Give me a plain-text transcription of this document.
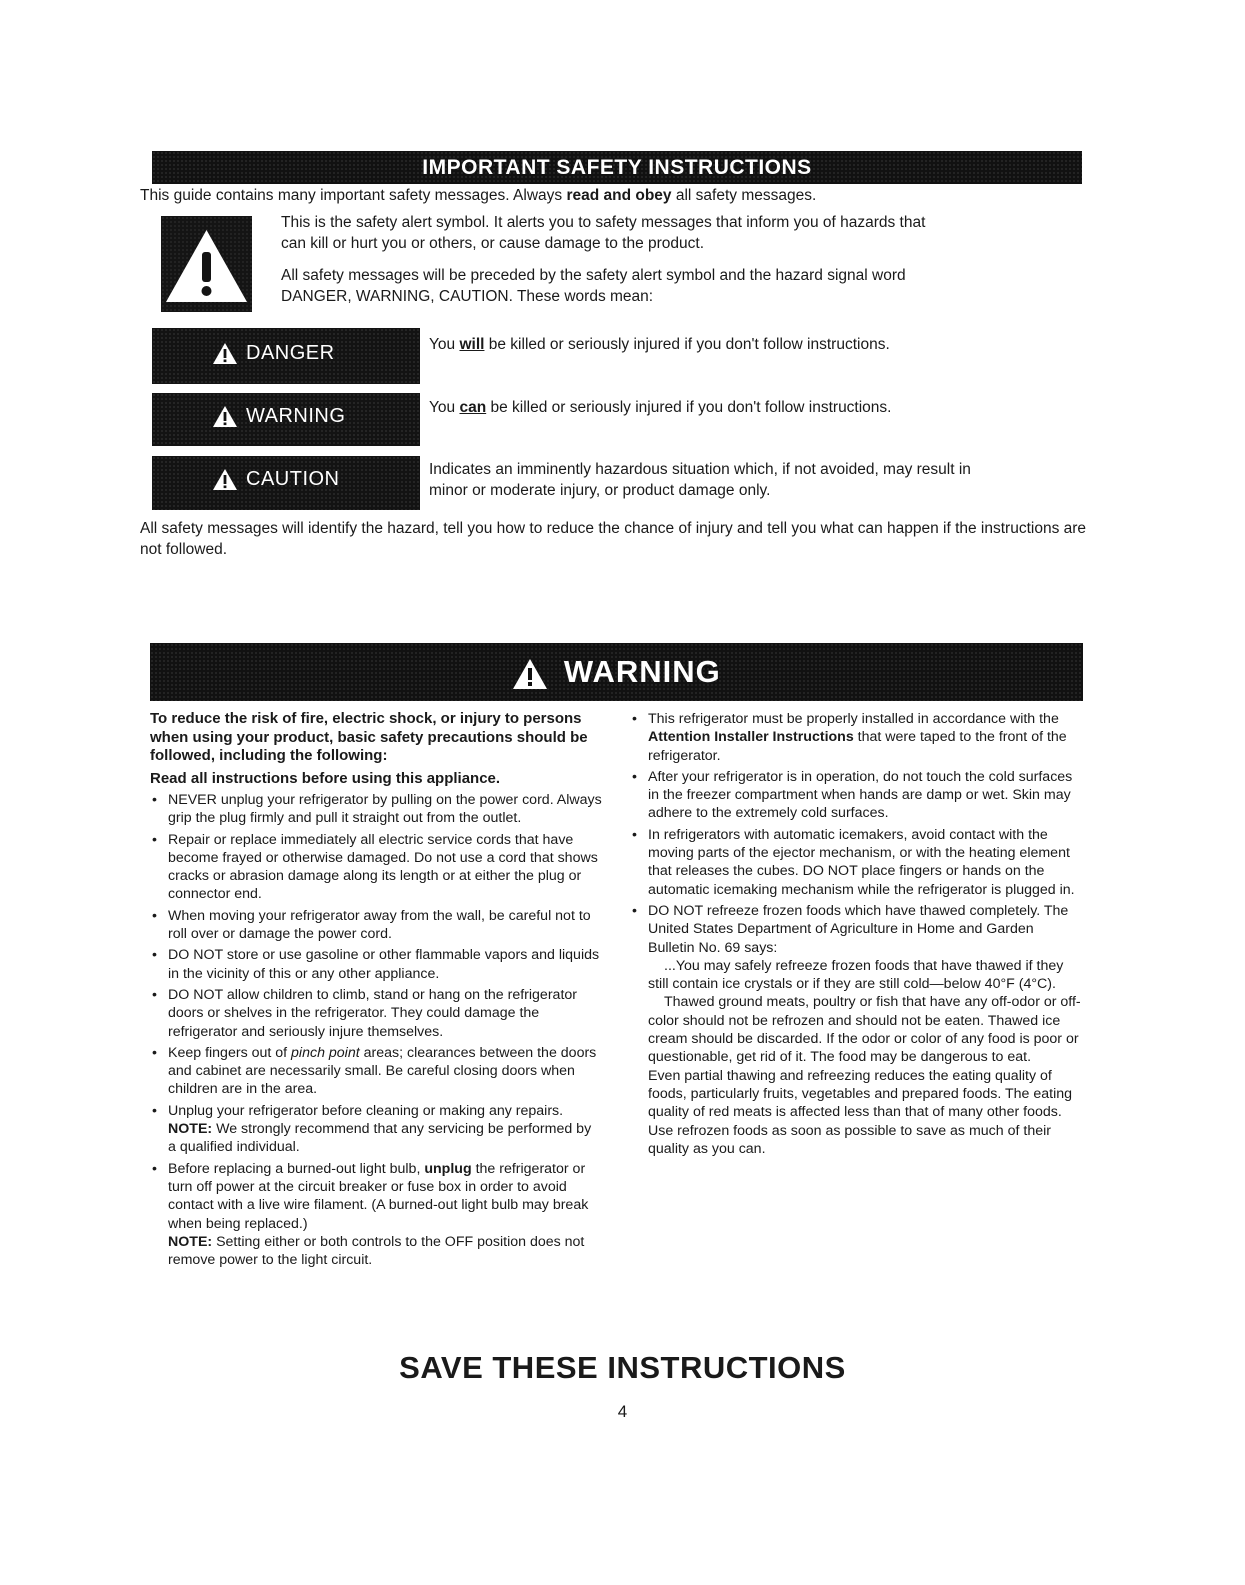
IMPORTANT SAFETY INSTRUCTIONS
This guide contains many important safety messages. Always read and obey all safety messages.
This is the safety alert symbol. It alerts you to safety messages that inform you of hazards that can kill or hurt you or others, or cause damage to the product.
All safety messages will be preceded by the safety alert symbol and the hazard signal word DANGER, WARNING, CAUTION. These words mean:
DANGER	You will be killed or seriously injured if you don't follow instructions.
WARNING	You can be killed or seriously injured if you don't follow instructions.
CAUTION	Indicates an imminently hazardous situation which, if not avoided, may result in minor or moderate injury, or product damage only.
All safety messages will identify the hazard, tell you how to reduce the chance of injury and tell you what can happen if the instructions are not followed.
WARNING

To reduce the risk of fire, electric shock, or injury to persons when using your product, basic safety precautions should be followed, including the following:

Read all instructions before using this appliance.

• NEVER unplug your refrigerator by pulling on the power cord. Always grip the plug firmly and pull it straight out from the outlet.
• Repair or replace immediately all electric service cords that have become frayed or otherwise damaged. Do not use a cord that shows cracks or abrasion damage along its length or at either the plug or connector end.
• When moving your refrigerator away from the wall, be careful not to roll over or damage the power cord.
• DO NOT store or use gasoline or other flammable vapors and liquids in the vicinity of this or any other appliance.
• DO NOT allow children to climb, stand or hang on the refrigerator doors or shelves in the refrigerator. They could damage the refrigerator and seriously injure themselves.
• Keep fingers out of pinch point areas; clearances between the doors and cabinet are necessarily small. Be careful closing doors when children are in the area.
• Unplug your refrigerator before cleaning or making any repairs.
NOTE: We strongly recommend that any servicing be performed by a qualified individual.
• Before replacing a burned-out light bulb, unplug the refrigerator or turn off power at the circuit breaker or fuse box in order to avoid contact with a live wire filament. (A burned-out light bulb may break when being replaced.)
NOTE: Setting either or both controls to the OFF position does not remove power to the light circuit.
• This refrigerator must be properly installed in accordance with the Attention Installer Instructions that were taped to the front of the refrigerator.
• After your refrigerator is in operation, do not touch the cold surfaces in the freezer compartment when hands are damp or wet. Skin may adhere to the extremely cold surfaces.
• In refrigerators with automatic icemakers, avoid contact with the moving parts of the ejector mechanism, or with the heating element that releases the cubes. DO NOT place fingers or hands on the automatic icemaking mechanism while the refrigerator is plugged in.
• DO NOT refreeze frozen foods which have thawed completely. The United States Department of Agriculture in Home and Garden Bulletin No. 69 says:

...You may safely refreeze frozen foods that have thawed if they still contain ice crystals or if they are still cold—below 40°F (4°C).

Thawed ground meats, poultry or fish that have any off-odor or off-color should not be refrozen and should not be eaten. Thawed ice cream should be discarded. If the odor or color of any food is poor or questionable, get rid of it. The food may be dangerous to eat.

Even partial thawing and refreezing reduces the eating quality of foods, particularly fruits, vegetables and prepared foods. The eating quality of red meats is affected less than that of many other foods. Use refrozen foods as soon as possible to save as much of their quality as you can.

SAVE THESE INSTRUCTIONS
4
